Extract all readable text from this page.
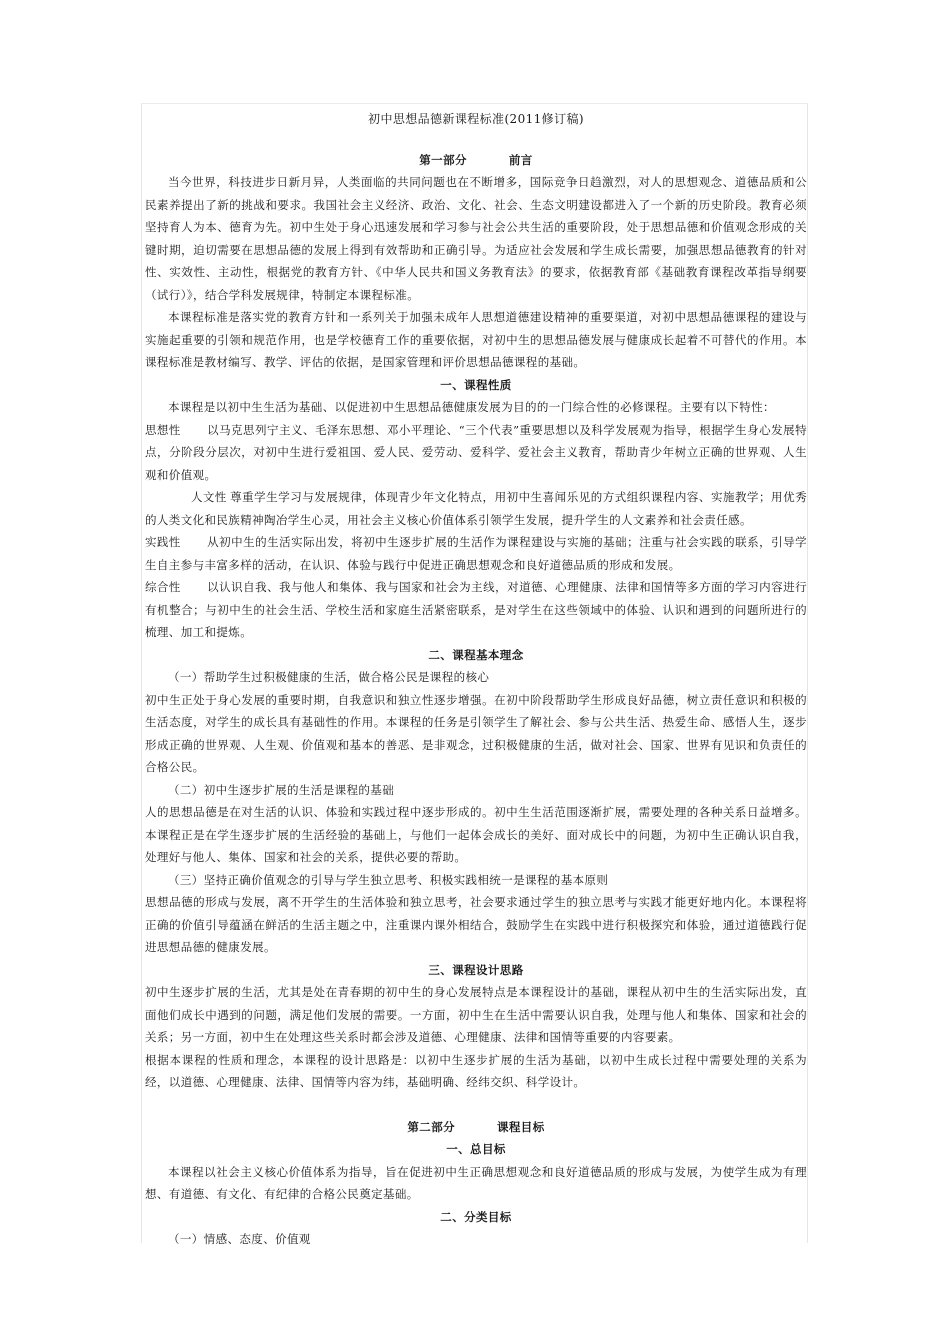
初中思想品德新课程标准(2011修订稿)

第一部分	前言

当今世界，科技进步日新月异，人类面临的共同问题也在不断增多，国际竞争日趋激烈，对人的思想观念、道德品质和公民素养提出了新的挑战和要求。我国社会主义经济、政治、文化、社会、生态文明建设都进入了一个新的历史阶段。教育必须坚持育人为本、德育为先。初中生处于身心迅速发展和学习参与社会公共生活的重要阶段，处于思想品德和价值观念形成的关键时期，迫切需要在思想品德的发展上得到有效帮助和正确引导。为适应社会发展和学生成长需要，加强思想品德教育的针对性、实效性、主动性，根据党的教育方针、《中华人民共和国义务教育法》的要求，依据教育部《基础教育课程改革指导纲要（试行）》，结合学科发展规律，特制定本课程标准。

本课程标准是落实党的教育方针和一系列关于加强未成年人思想道德建设精神的重要渠道，对初中思想品德课程的建设与实施起重要的引领和规范作用，也是学校德育工作的重要依据，对初中生的思想品德发展与健康成长起着不可替代的作用。本课程标准是教材编写、教学、评估的依据，是国家管理和评价思想品德课程的基础。

一、课程性质

本课程是以初中生生活为基础、以促进初中生思想品德健康发展为目的的一门综合性的必修课程。主要有以下特性：

思想性 以马克思列宁主义、毛泽东思想、邓小平理论、“三个代表”重要思想以及科学发展观为指导，根据学生身心发展特点，分阶段分层次，对初中生进行爱祖国、爱人民、爱劳动、爱科学、爱社会主义教育，帮助青少年树立正确的世界观、人生观和价值观。

人文性 尊重学生学习与发展规律，体现青少年文化特点，用初中生喜闻乐见的方式组织课程内容、实施教学；用优秀的人类文化和民族精神陶冶学生心灵，用社会主义核心价值体系引领学生发展，提升学生的人文素养和社会责任感。

实践性 从初中生的生活实际出发，将初中生逐步扩展的生活作为课程建设与实施的基础；注重与社会实践的联系，引导学生自主参与丰富多样的活动，在认识、体验与践行中促进正确思想观念和良好道德品质的形成和发展。

综合性 以认识自我、我与他人和集体、我与国家和社会为主线，对道德、心理健康、法律和国情等多方面的学习内容进行有机整合；与初中生的社会生活、学校生活和家庭生活紧密联系，是对学生在这些领域中的体验、认识和遇到的问题所进行的梳理、加工和提炼。

二、课程基本理念

（一）帮助学生过积极健康的生活，做合格公民是课程的核心

初中生正处于身心发展的重要时期，自我意识和独立性逐步增强。在初中阶段帮助学生形成良好品德，树立责任意识和积极的生活态度，对学生的成长具有基础性的作用。本课程的任务是引领学生了解社会、参与公共生活、热爱生命、感悟人生，逐步形成正确的世界观、人生观、价值观和基本的善恶、是非观念，过积极健康的生活，做对社会、国家、世界有见识和负责任的合格公民。

（二）初中生逐步扩展的生活是课程的基础

人的思想品德是在对生活的认识、体验和实践过程中逐步形成的。初中生生活范围逐渐扩展，需要处理的各种关系日益增多。本课程正是在学生逐步扩展的生活经验的基础上，与他们一起体会成长的美好、面对成长中的问题，为初中生正确认识自我，处理好与他人、集体、国家和社会的关系，提供必要的帮助。

（三）坚持正确价值观念的引导与学生独立思考、积极实践相统一是课程的基本原则

思想品德的形成与发展，离不开学生的生活体验和独立思考，社会要求通过学生的独立思考与实践才能更好地内化。本课程将正确的价值引导蕴涵在鲜活的生活主题之中，注重课内课外相结合，鼓励学生在实践中进行积极探究和体验，通过道德践行促进思想品德的健康发展。

三、课程设计思路

初中生逐步扩展的生活，尤其是处在青春期的初中生的身心发展特点是本课程设计的基础，课程从初中生的生活实际出发，直面他们成长中遇到的问题，满足他们发展的需要。一方面，初中生在生活中需要认识自我，处理与他人和集体、国家和社会的关系；另一方面，初中生在处理这些关系时都会涉及道德、心理健康、法律和国情等重要的内容要素。

根据本课程的性质和理念，本课程的设计思路是：以初中生逐步扩展的生活为基础，以初中生成长过程中需要处理的关系为经，以道德、心理健康、法律、国情等内容为纬，基础明确、经纬交织、科学设计。

第二部分	课程目标

一、总目标

本课程以社会主义核心价值体系为指导，旨在促进初中生正确思想观念和良好道德品质的形成与发展，为使学生成为有理想、有道德、有文化、有纪律的合格公民奠定基础。

二、分类目标

（一）情感、态度、价值观
